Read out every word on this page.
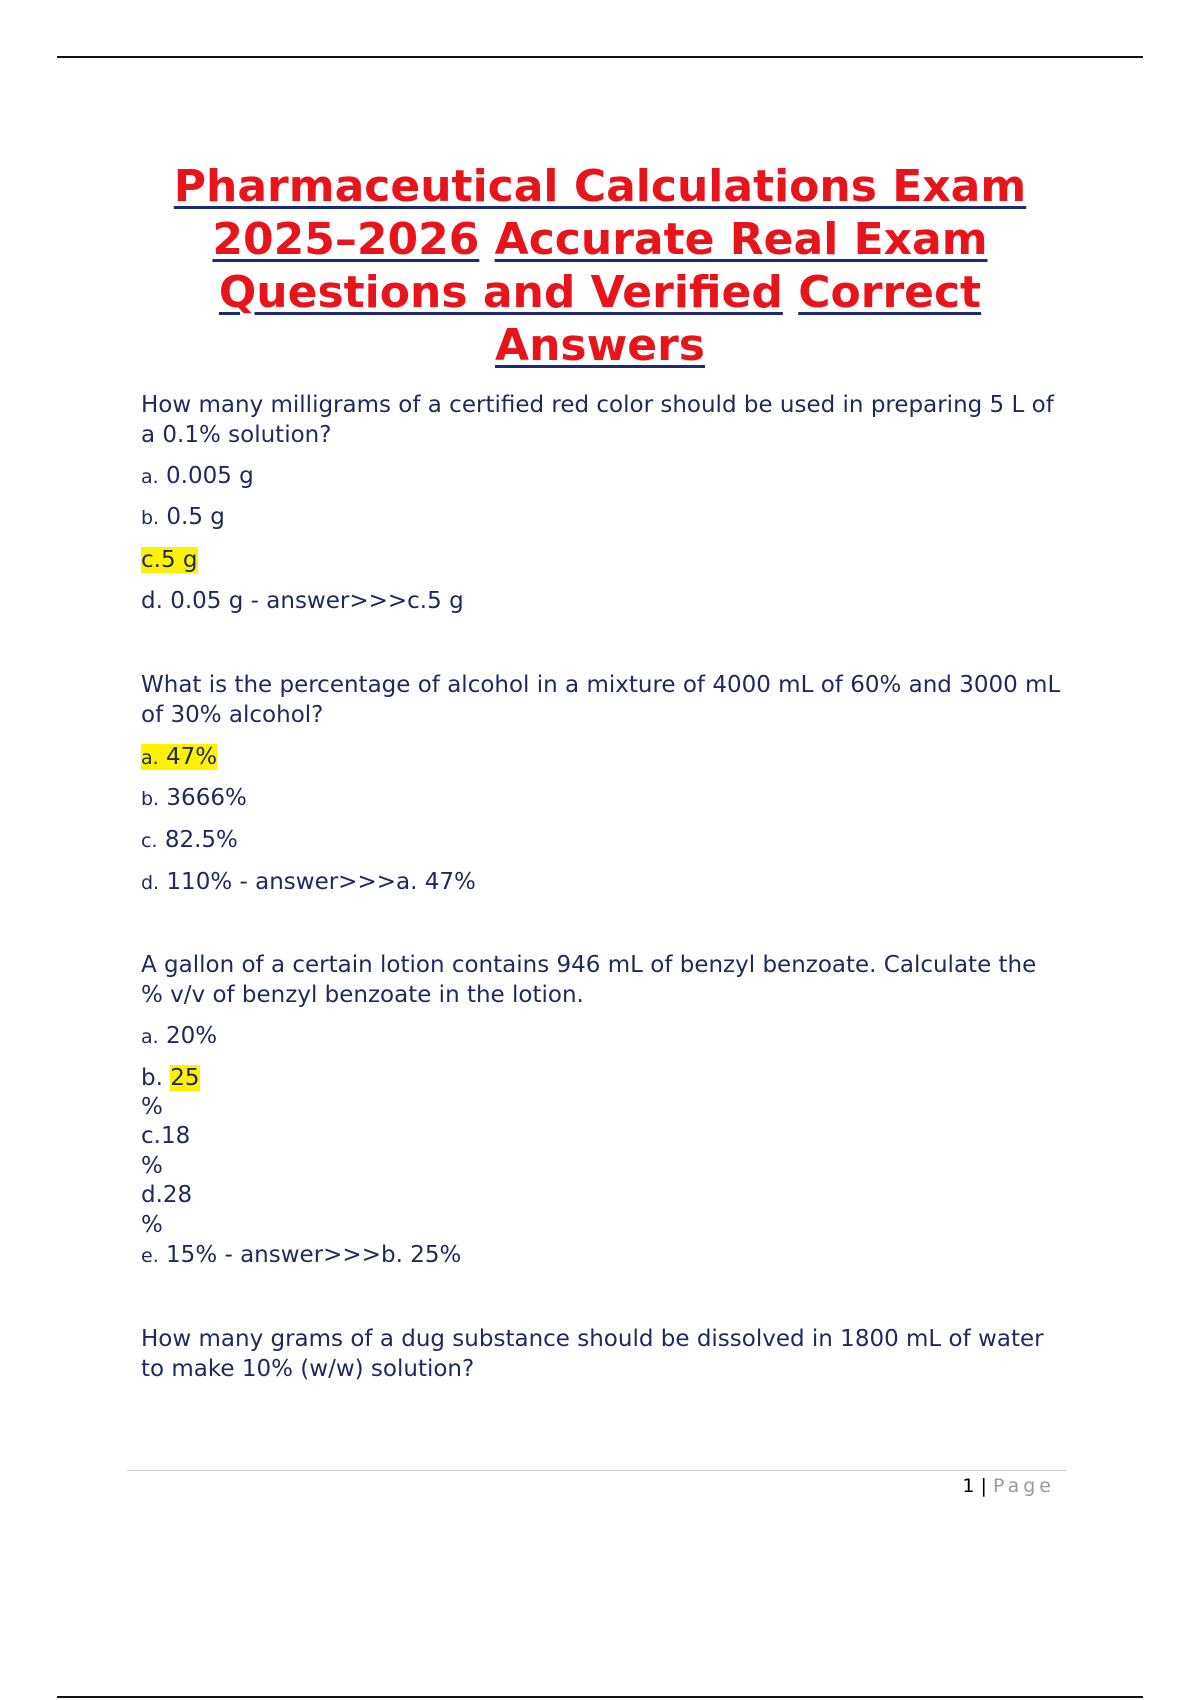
Pharmaceutical Calculations Exam
2025–2026 Accurate Real Exam
Questions and Verified Correct
Answers
How many milligrams of a certified red color should be used in preparing 5 L of a 0.1% solution?
a. 0.005 g
b. 0.5 g
c.5 g
d. 0.05 g - answer>>>c.5 g
What is the percentage of alcohol in a mixture of 4000 mL of 60% and 3000 mL of 30% alcohol?
a. 47%
b. 3666%
c. 82.5%
d. 110% - answer>>>a. 47%
A gallon of a certain lotion contains 946 mL of benzyl benzoate. Calculate the % v/v of benzyl benzoate in the lotion.
a. 20%
b. 25
%
c.18
%
d.28
%
e. 15% - answer>>>b. 25%
How many grams of a dug substance should be dissolved in 1800 mL of water to make 10% (w/w) solution?
1 | Page
